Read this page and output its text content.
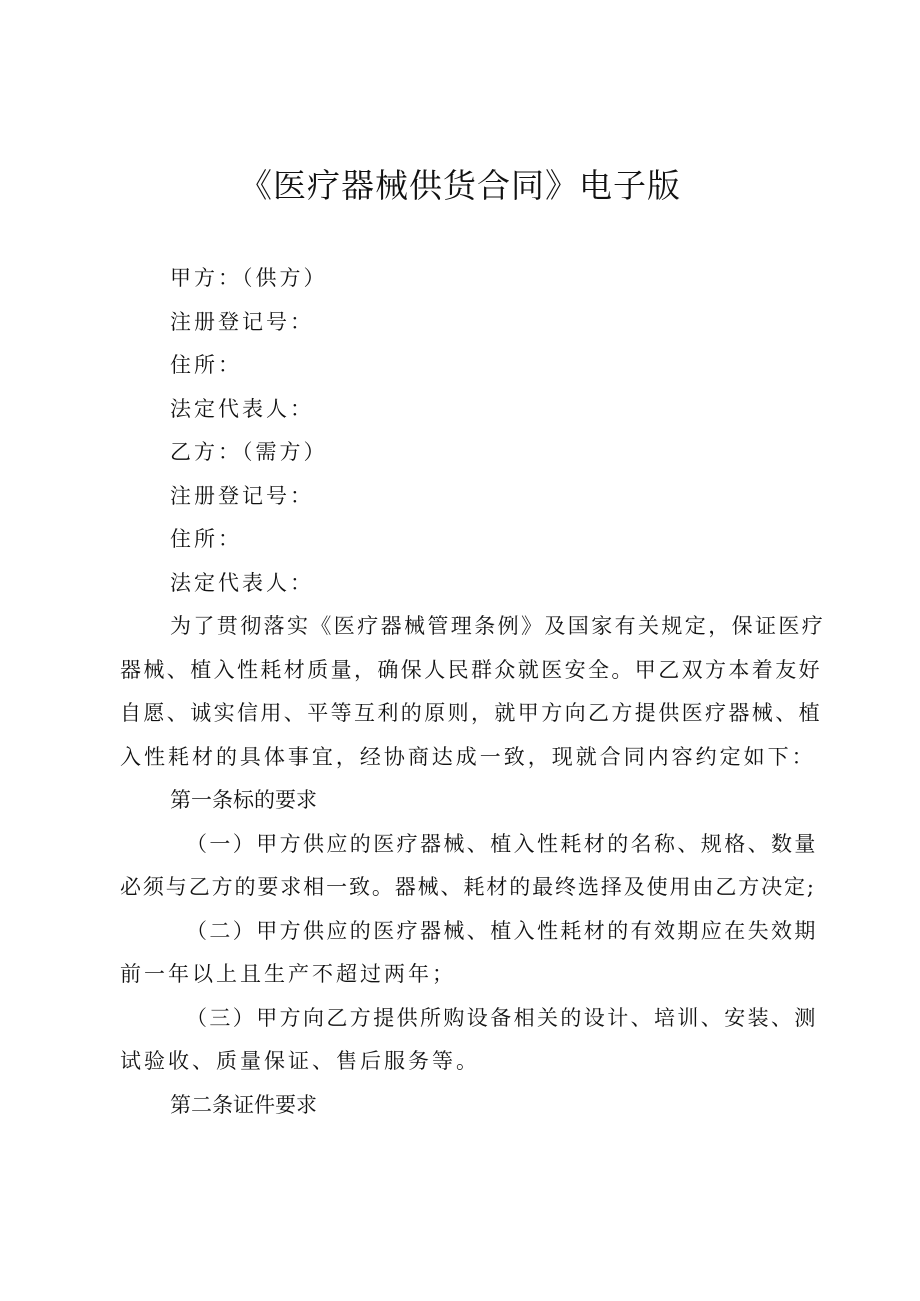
《医疗器械供货合同》电子版
甲方：（供方）
注册登记号：
住所：
法定代表人：
乙方：（需方）
注册登记号：
住所：
法定代表人：
为了贯彻落实《医疗器械管理条例》及国家有关规定，保证医疗
器械、植入性耗材质量，确保人民群众就医安全。甲乙双方本着友好
自愿、诚实信用、平等互利的原则，就甲方向乙方提供医疗器械、植
入性耗材的具体事宜，经协商达成一致，现就合同内容约定如下：
第一条标的要求
（一）甲方供应的医疗器械、植入性耗材的名称、规格、数量
必须与乙方的要求相一致。器械、耗材的最终选择及使用由乙方决定;
（二）甲方供应的医疗器械、植入性耗材的有效期应在失效期
前一年以上且生产不超过两年；
（三）甲方向乙方提供所购设备相关的设计、培训、安装、测
试验收、质量保证、售后服务等。
第二条证件要求
